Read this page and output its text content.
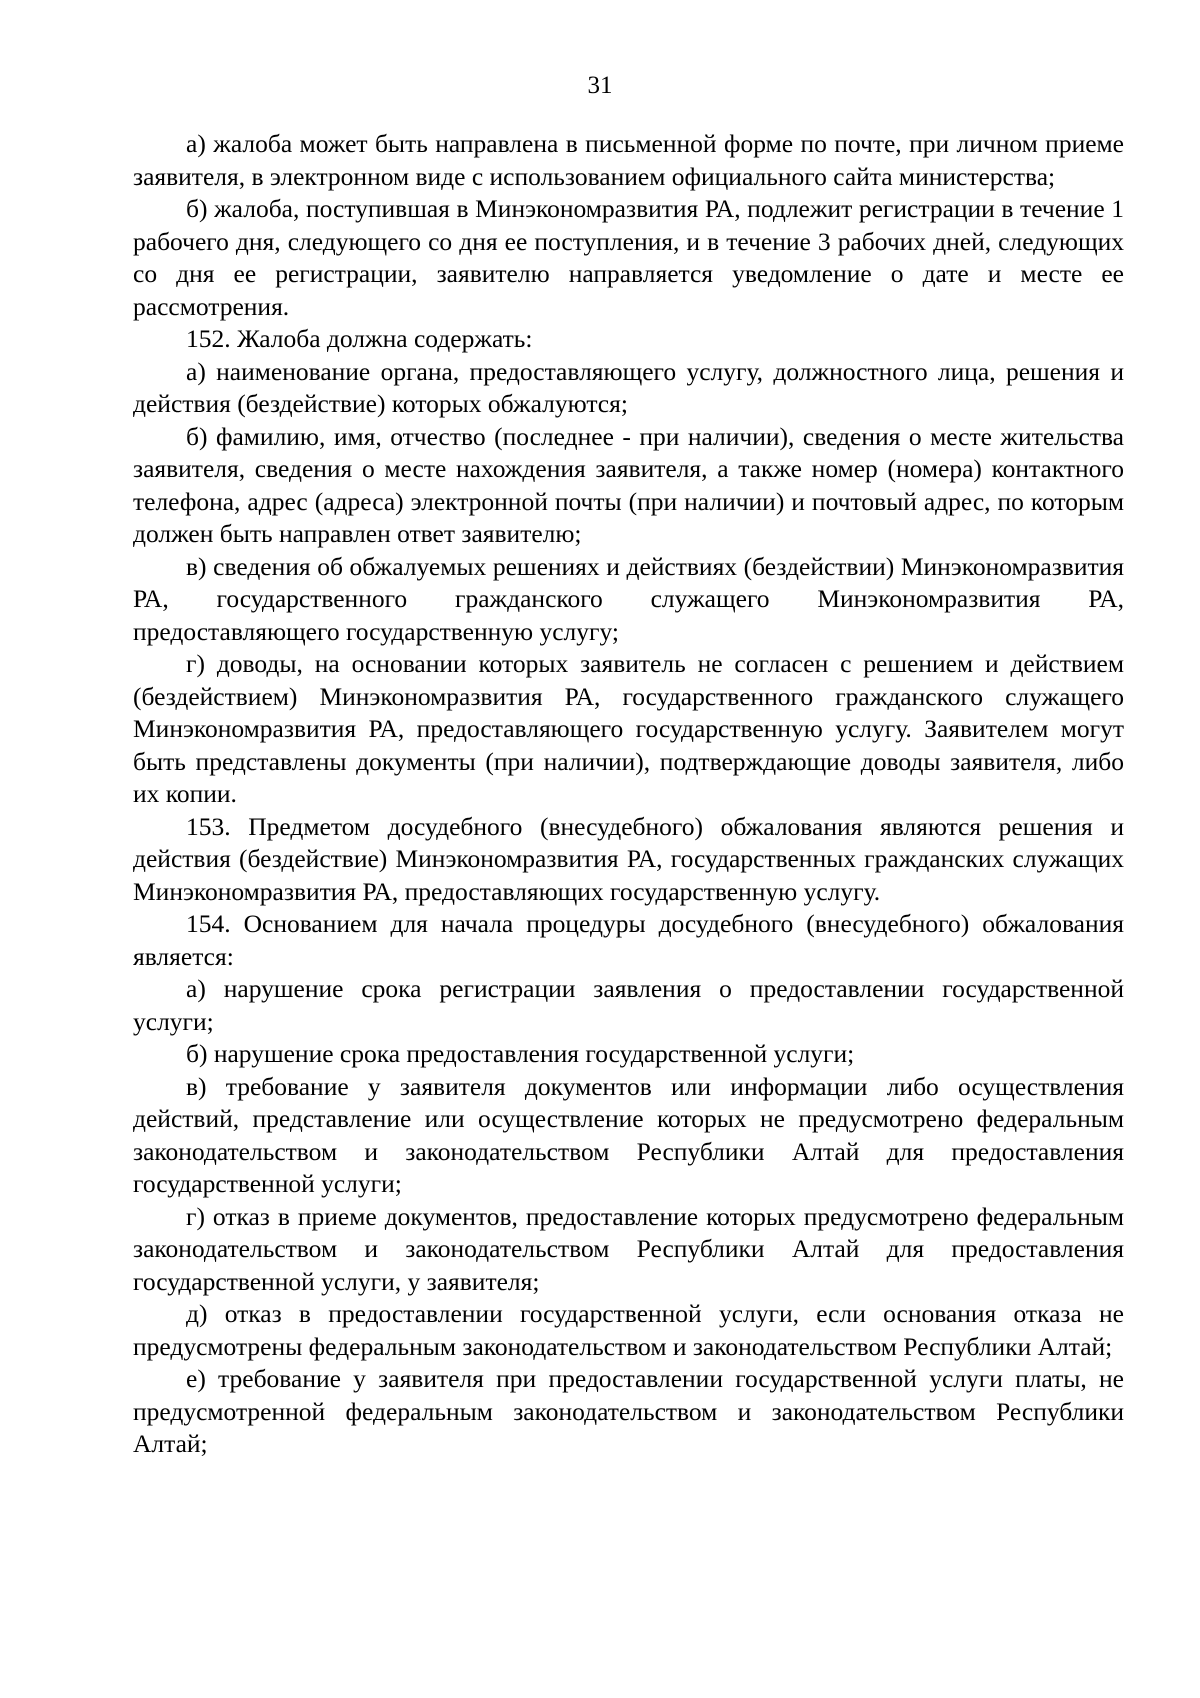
31

а) жалоба может быть направлена в письменной форме по почте, при личном приеме заявителя, в электронном виде с использованием официального сайта министерства;

б) жалоба, поступившая в Минэкономразвития РА, подлежит регистрации в течение 1 рабочего дня, следующего со дня ее поступления, и в течение 3 рабочих дней, следующих со дня ее регистрации, заявителю направляется уведомление о дате и месте ее рассмотрения.

152. Жалоба должна содержать:

а) наименование органа, предоставляющего услугу, должностного лица, решения и действия (бездействие) которых обжалуются;

б) фамилию, имя, отчество (последнее - при наличии), сведения о месте жительства заявителя, сведения о месте нахождения заявителя, а также номер (номера) контактного телефона, адрес (адреса) электронной почты (при наличии) и почтовый адрес, по которым должен быть направлен ответ заявителю;

в) сведения об обжалуемых решениях и действиях (бездействии) Минэкономразвития РА, государственного гражданского служащего Минэкономразвития РА, предоставляющего государственную услугу;

г) доводы, на основании которых заявитель не согласен с решением и действием (бездействием) Минэкономразвития РА, государственного гражданского служащего Минэкономразвития РА, предоставляющего государственную услугу. Заявителем могут быть представлены документы (при наличии), подтверждающие доводы заявителя, либо их копии.

153. Предметом досудебного (внесудебного) обжалования являются решения и действия (бездействие) Минэкономразвития РА, государственных гражданских служащих Минэкономразвития РА, предоставляющих государственную услугу.

154. Основанием для начала процедуры досудебного (внесудебного) обжалования является:

а) нарушение срока регистрации заявления о предоставлении государственной услуги;

б) нарушение срока предоставления государственной услуги;

в) требование у заявителя документов или информации либо осуществления действий, представление или осуществление которых не предусмотрено федеральным законодательством и законодательством Республики Алтай для предоставления государственной услуги;

г) отказ в приеме документов, предоставление которых предусмотрено федеральным законодательством и законодательством Республики Алтай для предоставления государственной услуги, у заявителя;

д) отказ в предоставлении государственной услуги, если основания отказа не предусмотрены федеральным законодательством и законодательством Республики Алтай;

е) требование у заявителя при предоставлении государственной услуги платы, не предусмотренной федеральным законодательством и законодательством Республики Алтай;
